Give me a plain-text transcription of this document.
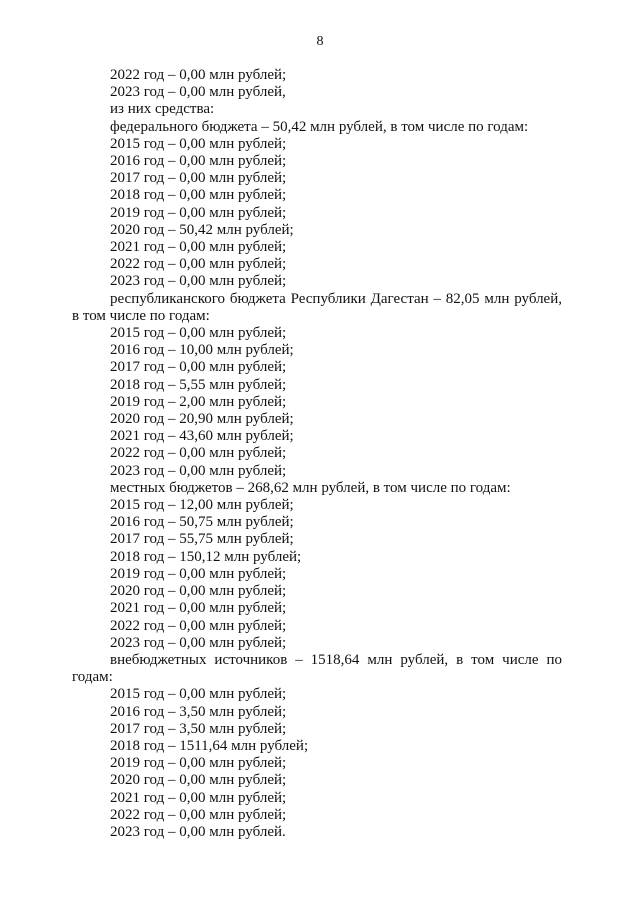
8

2022 год – 0,00 млн рублей;

2023 год – 0,00 млн рублей,

из них средства:

федерального бюджета – 50,42 млн рублей, в том числе по годам:

2015 год – 0,00 млн рублей;

2016 год – 0,00 млн рублей;

2017 год – 0,00 млн рублей;

2018 год – 0,00 млн рублей;

2019 год – 0,00 млн рублей;

2020 год – 50,42 млн рублей;

2021 год – 0,00 млн рублей;

2022 год – 0,00 млн рублей;

2023 год – 0,00 млн рублей;

республиканского бюджета Республики Дагестан – 82,05 млн рублей,

в том числе по годам:

2015 год – 0,00 млн рублей;

2016 год – 10,00 млн рублей;

2017 год – 0,00 млн рублей;

2018 год – 5,55 млн рублей;

2019 год – 2,00 млн рублей;

2020 год – 20,90 млн рублей;

2021 год – 43,60 млн рублей;

2022 год – 0,00 млн рублей;

2023 год – 0,00 млн рублей;

местных бюджетов – 268,62 млн рублей, в том числе по годам:

2015 год – 12,00 млн рублей;

2016 год – 50,75 млн рублей;

2017 год – 55,75 млн рублей;

2018 год – 150,12 млн рублей;

2019 год – 0,00 млн рублей;

2020 год – 0,00 млн рублей;

2021 год – 0,00 млн рублей;

2022 год – 0,00 млн рублей;

2023 год – 0,00 млн рублей;

внебюджетных источников – 1518,64 млн рублей, в том числе по

годам:

2015 год – 0,00 млн рублей;

2016 год – 3,50 млн рублей;

2017 год – 3,50 млн рублей;

2018 год – 1511,64 млн рублей;

2019 год – 0,00 млн рублей;

2020 год – 0,00 млн рублей;

2021 год – 0,00 млн рублей;

2022 год – 0,00 млн рублей;

2023 год – 0,00 млн рублей.
